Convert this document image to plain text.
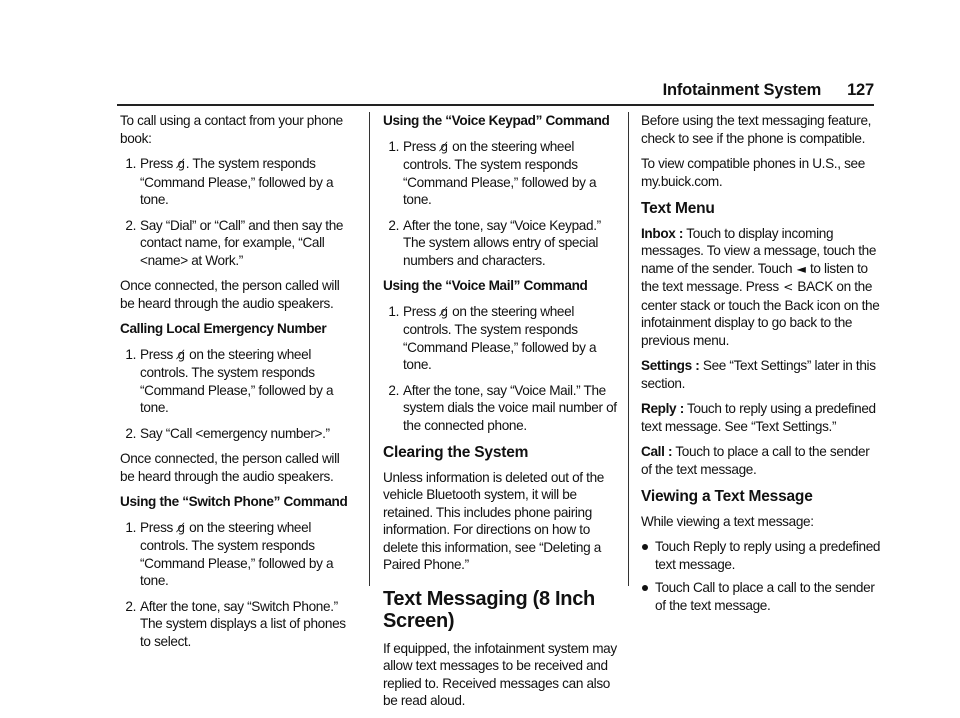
Infotainment System 127

To call using a contact from your phone book:

1. Press g̸. The system responds “Command Please,” followed by a tone.
2. Say “Dial” or “Call” and then say the contact name, for example, “Call <name> at Work.”

Once connected, the person called will be heard through the audio speakers.

Calling Local Emergency Number

1. Press g̸ on the steering wheel controls. The system responds “Command Please,” followed by a tone.
2. Say “Call <emergency number>.”

Once connected, the person called will be heard through the audio speakers.

Using the “Switch Phone” Command

1. Press g̸ on the steering wheel controls. The system responds “Command Please,” followed by a tone.
2. After the tone, say “Switch Phone.” The system displays a list of phones to select.

Using the “Voice Keypad” Command

1. Press g̸ on the steering wheel controls. The system responds “Command Please,” followed by a tone.
2. After the tone, say “Voice Keypad.” The system allows entry of special numbers and characters.

Using the “Voice Mail” Command

1. Press g̸ on the steering wheel controls. The system responds “Command Please,” followed by a tone.
2. After the tone, say “Voice Mail.” The system dials the voice mail number of the connected phone.
Clearing the System

Unless information is deleted out of the vehicle Bluetooth system, it will be retained. This includes phone pairing information. For directions on how to delete this information, see “Deleting a Paired Phone.”

Text Messaging (8 Inch Screen)

If equipped, the infotainment system may allow text messages to be received and replied to. Received messages can also be read aloud.

Before using the text messaging feature, check to see if the phone is compatible.

To view compatible phones in U.S., see my.buick.com.

Text Menu

Inbox : Touch to display incoming messages. To view a message, touch the name of the sender. Touch ◄ to listen to the text message. Press < BACK on the center stack or touch the Back icon on the infotainment display to go back to the previous menu.

Settings : See “Text Settings” later in this section.

Reply : Touch to reply using a predefined text message. See “Text Settings.”

Call : Touch to place a call to the sender of the text message.

Viewing a Text Message

While viewing a text message:

Touch Reply to reply using a predefined text message.
Touch Call to place a call to the sender of the text message.
